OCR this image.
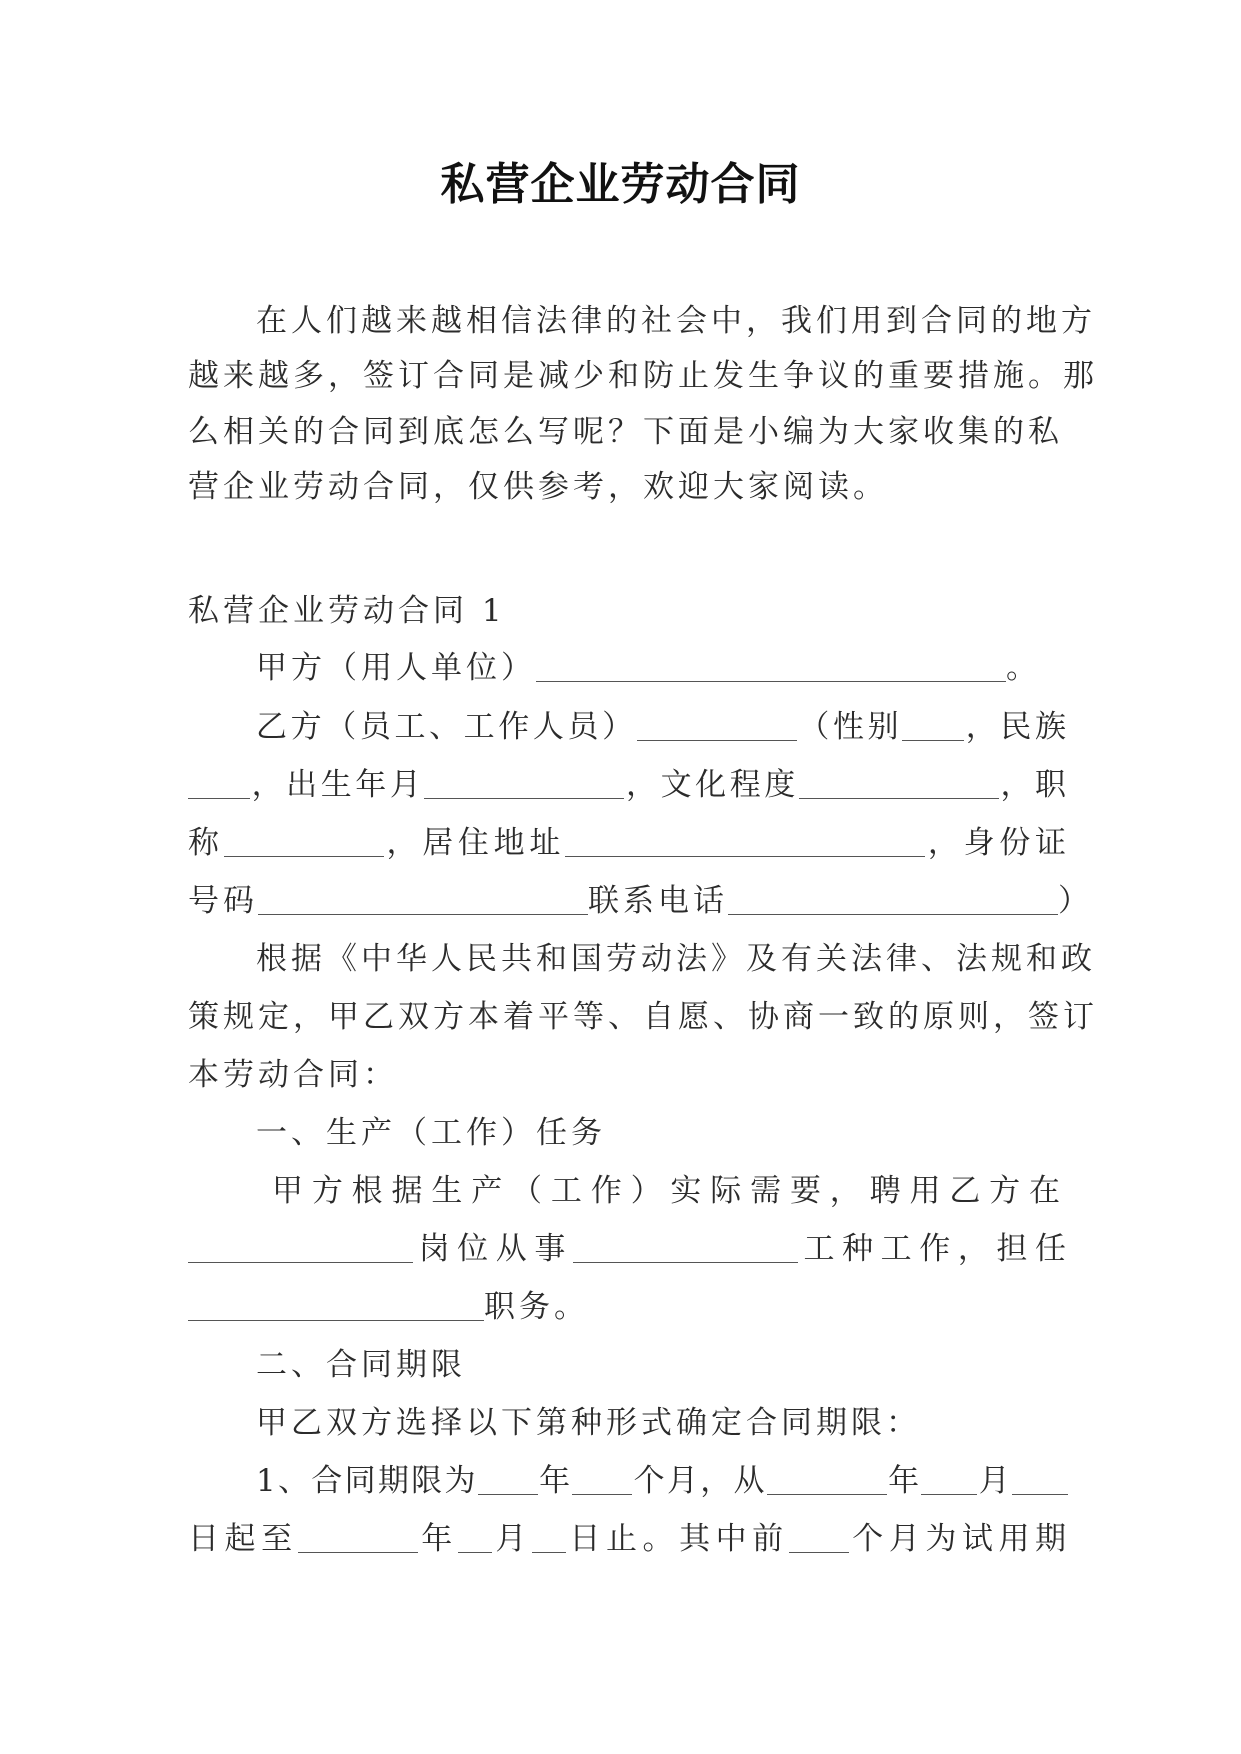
私营企业劳动合同
在人们越来越相信法律的社会中，我们用到合同的地方
越来越多，签订合同是减少和防止发生争议的重要措施。那
么相关的合同到底怎么写呢？下面是小编为大家收集的私
营企业劳动合同，仅供参考，欢迎大家阅读。
私营企业劳动合同 1
甲方（用人单位）	。
乙方（员工、工作人员）	（性别 ，民族
，出生年月	，文化程度	，职
称	，居住地址	，身份证
号码	联系电话	）
根据《中华人民共和国劳动法》及有关法律、法规和政
策规定，甲乙双方本着平等、自愿、协商一致的原则，签订
本劳动合同：
一、生产（工作）任务
甲方根据生产（工作）实际需要，聘用乙方在
岗位从事	工种工作，担任
职务。
二、合同期限
甲乙双方选择以下第种形式确定合同期限：
1、合同期限为 年 个月，从	年 月
日起至	年 月 日止。其中前 个月为试用期
